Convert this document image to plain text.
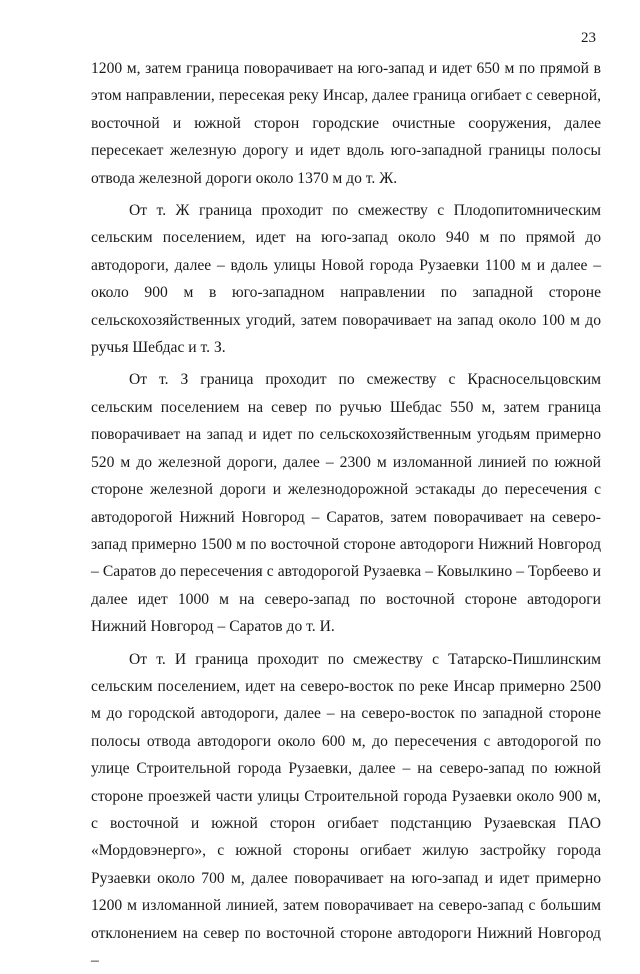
23

1200 м, затем граница поворачивает на юго-запад и идет 650 м по прямой в этом направлении, пересекая реку Инсар, далее граница огибает с северной, восточной и южной сторон городские очистные сооружения, далее пересекает железную дорогу и идет вдоль юго-западной границы полосы отвода железной дороги около 1370 м до т. Ж.

От т. Ж граница проходит по смежеству с Плодопитомническим сельским поселением, идет на юго-запад около 940 м по прямой до автодороги, далее – вдоль улицы Новой города Рузаевки 1100 м и далее – около 900 м в юго-западном направлении по западной стороне сельскохозяйственных угодий, затем поворачивает на запад около 100 м до ручья Шебдас и т. З.

От т. З граница проходит по смежеству с Красносельцовским сельским поселением на север по ручью Шебдас 550 м, затем граница поворачивает на запад и идет по сельскохозяйственным угодьям примерно 520 м до железной дороги, далее – 2300 м изломанной линией по южной стороне железной дороги и железнодорожной эстакады до пересечения с автодорогой Нижний Новгород – Саратов, затем поворачивает на северо-запад примерно 1500 м по восточной стороне автодороги Нижний Новгород – Саратов до пересечения с автодорогой Рузаевка – Ковылкино – Торбеево и далее идет 1000 м на северо-запад по восточной стороне автодороги Нижний Новгород – Саратов до т. И.

От т. И граница проходит по смежеству с Татарско-Пишлинским сельским поселением, идет на северо-восток по реке Инсар примерно 2500 м до городской автодороги, далее – на северо-восток по западной стороне полосы отвода автодороги около 600 м, до пересечения с автодорогой по улице Строительной города Рузаевки, далее – на северо-запад по южной стороне проезжей части улицы Строительной города Рузаевки около 900 м, с восточной и южной сторон огибает подстанцию Рузаевская ПАО «Мордовэнерго», с южной стороны огибает жилую застройку города Рузаевки около 700 м, далее поворачивает на юго-запад и идет примерно 1200 м изломанной линией, затем поворачивает на северо-запад с большим отклонением на север по восточной стороне автодороги Нижний Новгород –
